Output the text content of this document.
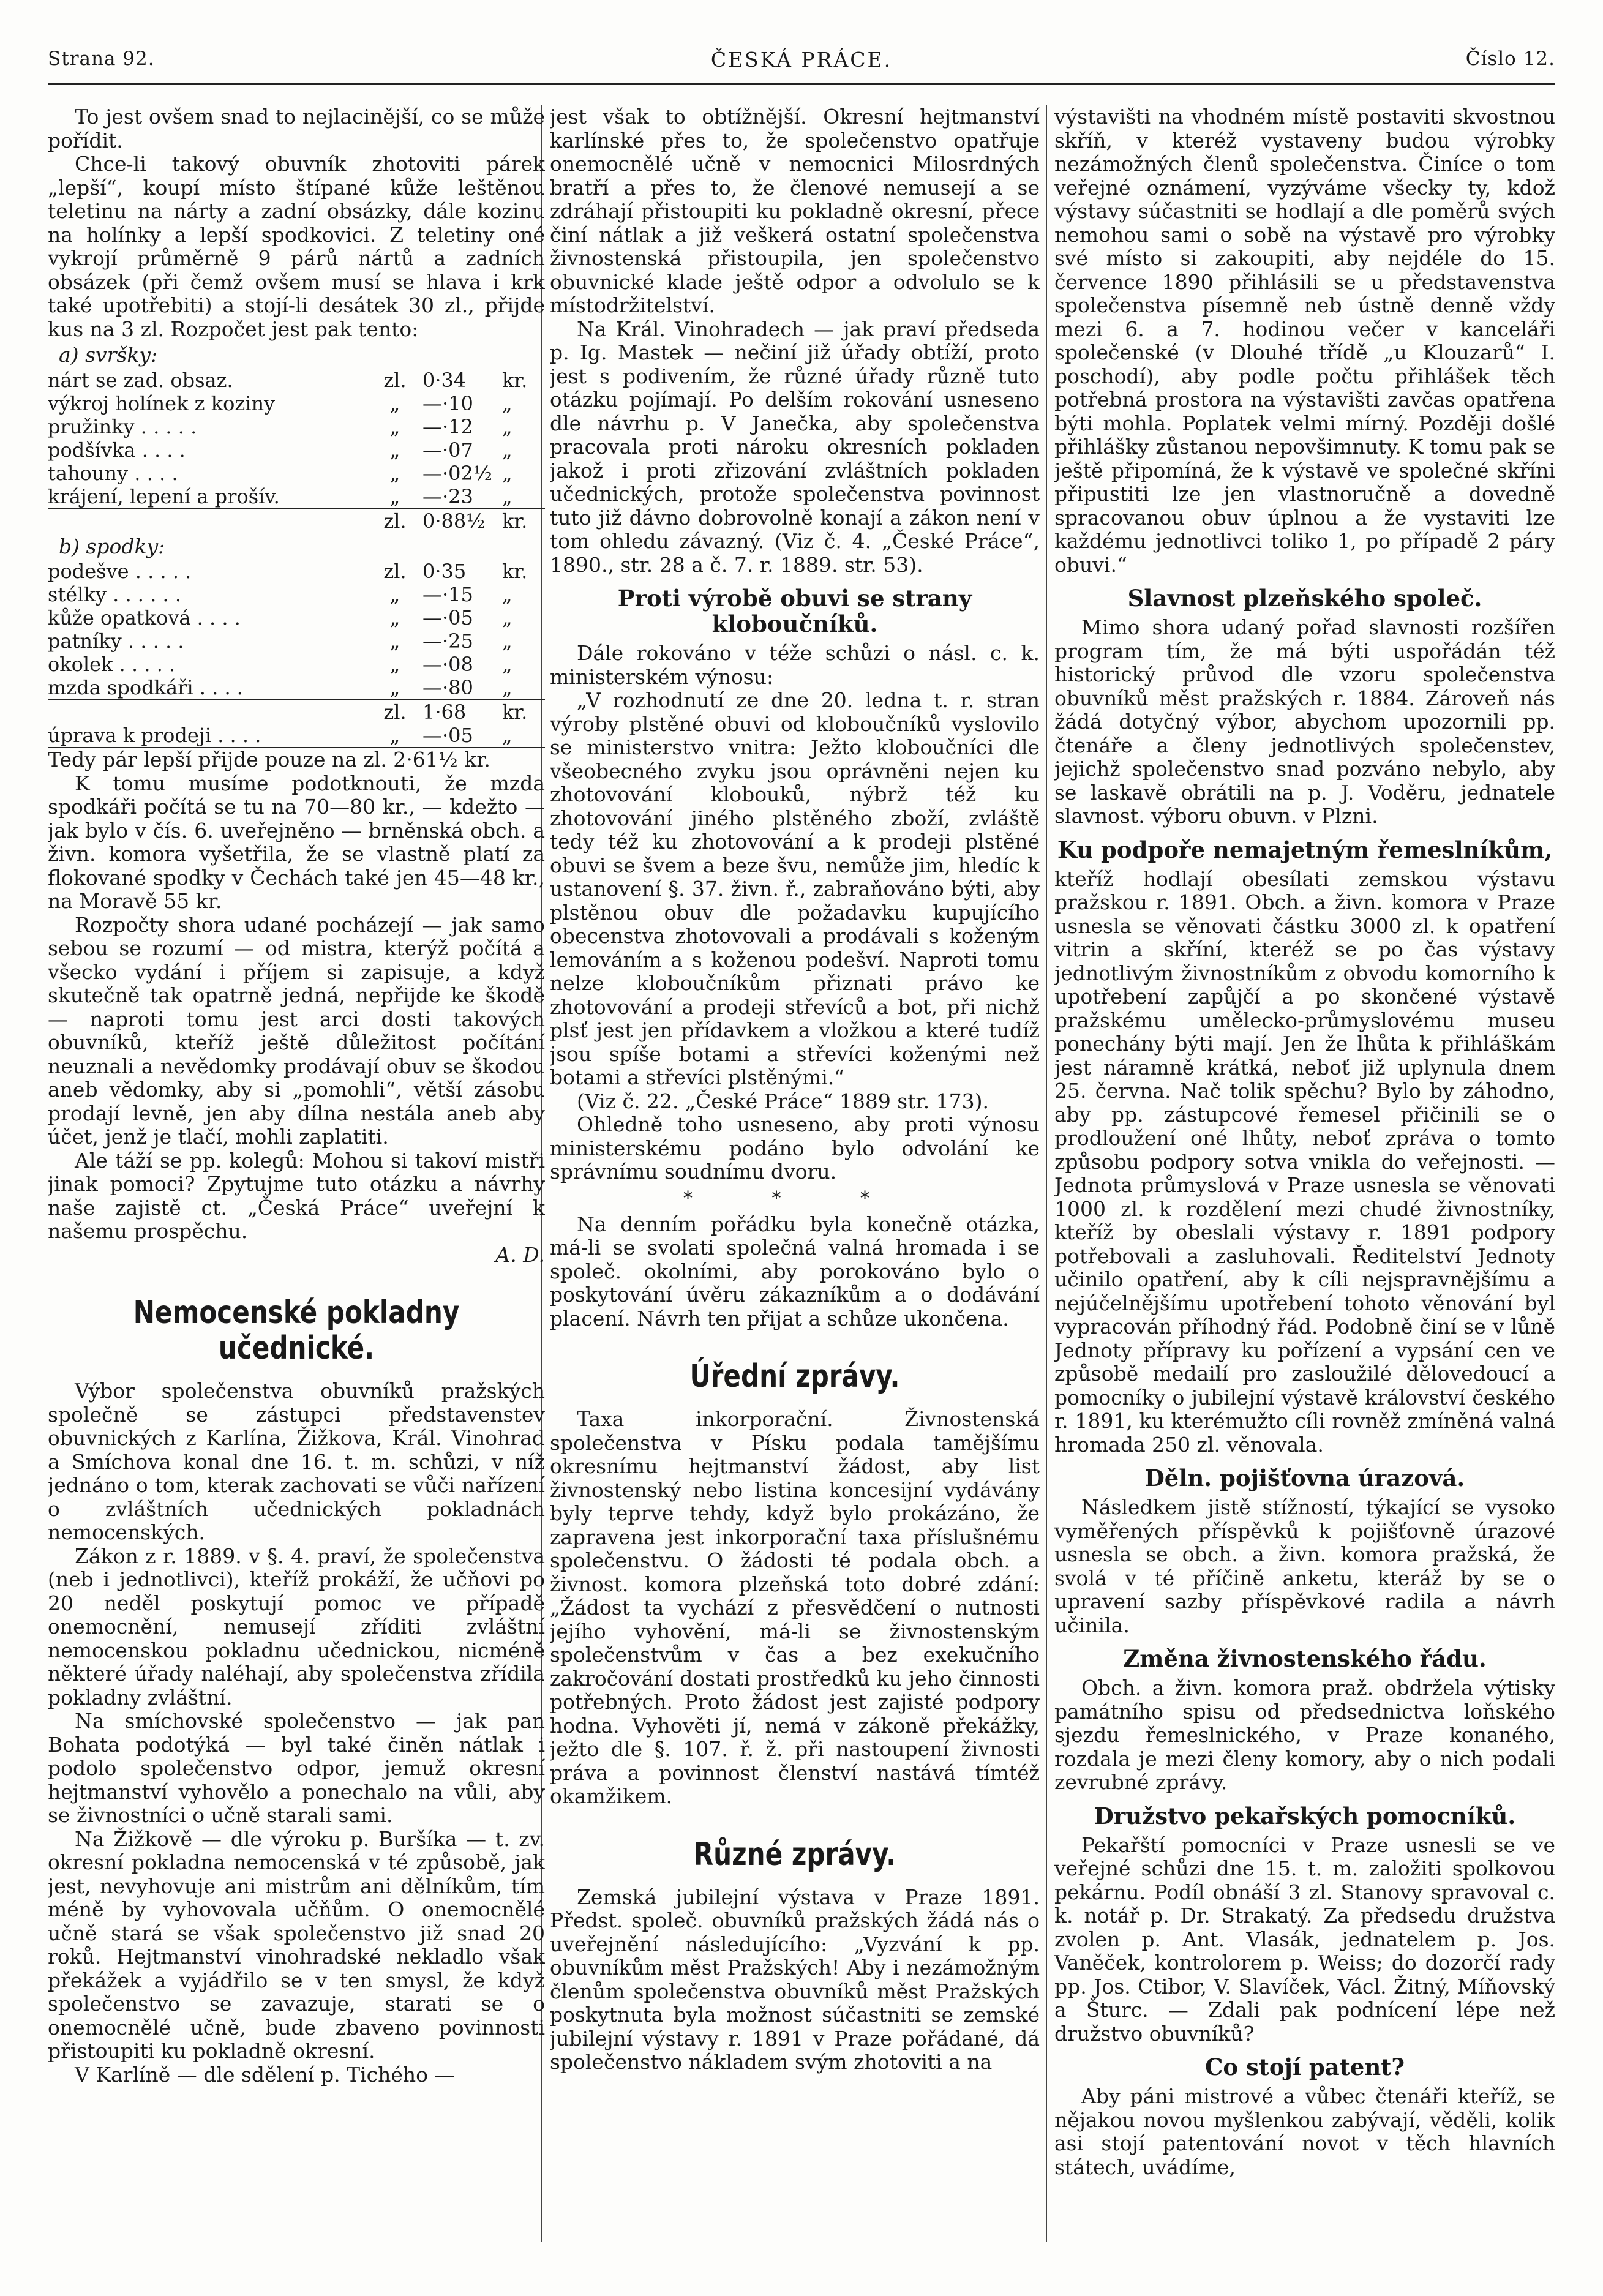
Strana 92.	ČESKÁ PRÁCE.	Číslo 12.

To jest ovšem snad to nejlacinější, co se může pořídit.

Chce-li takový obuvník zhotoviti párek „lepší“, koupí místo štípané kůže leštěnou teletinu na nárty a zadní obsázky, dále kozinu na holínky a lepší spodkovici. Z teletiny oné vykrojí průměrně 9 párů nártů a zadních obsázek (při čemž ovšem musí se hlava i krk také upotřebiti) a stojí-li desátek 30 zl., přijde kus na 3 zl. Rozpočet jest pak tento:

a) svršky:
nárt se zad. obsaz.	zl.	0·34	kr.
výkroj holínek z koziny	„	—·10	„
pružinky . . . . .	„	—·12	„
podšívka . . . .	„	—·07	„
tahouny . . . .	„	—·02½	„
krájení, lepení a prošív.	„	—·23	„
	zl.	0·88½	kr.
b) spodky:
podešve . . . . .	zl.	0·35	kr.
stélky . . . . . .	„	—·15	„
kůže opatková . . . .	„	—·05	„
patníky . . . . .	„	—·25	„
okolek . . . . .	„	—·08	„
mzda spodkáři . . . .	„	—·80	„
	zl.	1·68	kr.
úprava k prodeji . . . .	„	—·05	„

Tedy pár lepší přijde pouze na zl. 2·61½ kr.

K tomu musíme podotknouti, že mzda spodkáři počítá se tu na 70—80 kr., — kdežto — jak bylo v čís. 6. uveřejněno — brněnská obch. a živn. komora vyšetřila, že se vlastně platí za flokované spodky v Čechách také jen 45—48 kr., na Moravě 55 kr.

Rozpočty shora udané pocházejí — jak samo sebou se rozumí — od mistra, kterýž počítá a všecko vydání i příjem si zapisuje, a když skutečně tak opatrně jedná, nepřijde ke škodě — naproti tomu jest arci dosti takových obuvníků, kteříž ještě důležitost počítání neuznali a nevědomky prodávají obuv se škodou aneb vědomky, aby si „pomohli“, větší zásobu prodají levně, jen aby dílna nestála aneb aby účet, jenž je tlačí, mohli zaplatiti.

Ale táží se pp. kolegů: Mohou si takoví mistři jinak pomoci? Zpytujme tuto otázku a návrhy naše zajistě ct. „Česká Práce“ uveřejní k našemu prospěchu.

A. D.

Nemocenské pokladny učednické.

Výbor společenstva obuvníků pražských společně se zástupci představenstev obuvnických z Karlína, Žižkova, Král. Vinohrad a Smíchova konal dne 16. t. m. schůzi, v níž jednáno o tom, kterak zachovati se vůči nařízení o zvláštních učednických pokladnách nemocenských.

Zákon z r. 1889. v §. 4. praví, že společenstva (neb i jednotlivci), kteříž prokáží, že učňovi po 20 neděl poskytují pomoc ve případě onemocnění, nemusejí zříditi zvláštní nemocenskou pokladnu učednickou, nicméně některé úřady naléhají, aby společenstva zřídila pokladny zvláštní.

Na smíchovské společenstvo — jak pan Bohata podotýká — byl také činěn nátlak i podolo společenstvo odpor, jemuž okresní hejtmanství vyhovělo a ponechalo na vůli, aby se živnostníci o učně starali sami.

Na Žižkově — dle výroku p. Buršíka — t. zv. okresní pokladna nemocenská v té způsobě, jak jest, nevyhovuje ani mistrům ani dělníkům, tím méně by vyhovovala učňům. O onemocnělé učně stará se však společenstvo již snad 20 roků. Hejtmanství vinohradské nekladlo však překážek a vyjádřilo se v ten smysl, že když společenstvo se zavazuje, starati se o onemocnělé učně, bude zbaveno povinnosti přistoupiti ku pokladně okresní.

V Karlíně — dle sdělení p. Tichého —

jest však to obtížnější. Okresní hejtmanství karlínské přes to, že společenstvo opatřuje onemocnělé učně v nemocnici Milosrdných bratří a přes to, že členové nemusejí a se zdráhají přistoupiti ku pokladně okresní, přece činí nátlak a již veškerá ostatní společenstva živnostenská přistoupila, jen společenstvo obuvnické klade ještě odpor a odvolulo se k místodržitelství.

Na Král. Vinohradech — jak praví předseda p. Ig. Mastek — nečiní již úřady obtíží, proto jest s podivením, že různé úřady různě tuto otázku pojímají. Po delším rokování usneseno dle návrhu p. V Janečka, aby společenstva pracovala proti nároku okresních pokladen jakož i proti zřizování zvláštních pokladen učednických, protože společenstva povinnost tuto již dávno dobrovolně konají a zákon není v tom ohledu závazný. (Viz č. 4. „České Práce“, 1890., str. 28 a č. 7. r. 1889. str. 53).

Proti výrobě obuvi se strany kloboučníků.

Dále rokováno v téže schůzi o násl. c. k. ministerském výnosu:

„V rozhodnutí ze dne 20. ledna t. r. stran výroby plstěné obuvi od kloboučníků vyslovilo se ministerstvo vnitra: Ježto kloboučníci dle všeobecného zvyku jsou oprávněni nejen ku zhotovování klobouků, nýbrž též ku zhotovování jiného plstěného zboží, zvláště tedy též ku zhotovování a k prodeji plstěné obuvi se švem a beze švu, nemůže jim, hledíc k ustanovení §. 37. živn. ř., zabraňováno býti, aby plstěnou obuv dle požadavku kupujícího obecenstva zhotovovali a prodávali s koženým lemováním a s koženou podešví. Naproti tomu nelze kloboučníkům přiznati právo ke zhotovování a prodeji střevíců a bot, při nichž plsť jest jen přídavkem a vložkou a které tudíž jsou spíše botami a střevíci koženými než botami a střevíci plstěnými.“

(Viz č. 22. „České Práce“ 1889 str. 173).

Ohledně toho usneseno, aby proti výnosu ministerskému podáno bylo odvolání ke správnímu soudnímu dvoru.

* * *

Na denním pořádku byla konečně otázka, má-li se svolati společná valná hromada i se společ. okolními, aby porokováno bylo o poskytování úvěru zákazníkům a o dodávání placení. Návrh ten přijat a schůze ukončena.

Úřední zprávy.

Taxa inkorporační. Živnostenská společenstva v Písku podala tamějšímu okresnímu hejtmanství žádost, aby list živnostenský nebo listina koncesijní vydávány byly teprve tehdy, když bylo prokázáno, že zapravena jest inkorporační taxa příslušnému společenstvu. O žádosti té podala obch. a živnost. komora plzeňská toto dobré zdání: „Žádost ta vychází z přesvědčení o nutnosti jejího vyhovění, má-li se živnostenským společenstvům v čas a bez exekučního zakročování dostati prostředků ku jeho činnosti potřebných. Proto žádost jest zajisté podpory hodna. Vyhověti jí, nemá v zákoně překážky, ježto dle §. 107. ř. ž. při nastoupení živnosti práva a povinnost členství nastává tímtéž okamžikem.

Různé zprávy.

Zemská jubilejní výstava v Praze 1891. Předst. společ. obuvníků pražských žádá nás o uveřejnění následujícího: „Vyzvání k pp. obuvníkům měst Pražských! Aby i nezámožným členům společenstva obuvníků měst Pražských poskytnuta byla možnost súčastniti se zemské jubilejní výstavy r. 1891 v Praze pořádané, dá společenstvo nákladem svým zhotoviti a na

výstavišti na vhodném místě postaviti skvostnou skříň, v kteréž vystaveny budou výrobky nezámožných členů společenstva. Činíce o tom veřejné oznámení, vyzýváme všecky ty, kdož výstavy súčastniti se hodlají a dle poměrů svých nemohou sami o sobě na výstavě pro výrobky své místo si zakoupiti, aby nejdéle do 15. července 1890 přihlásili se u představenstva společenstva písemně neb ústně denně vždy mezi 6. a 7. hodinou večer v kanceláři společenské (v Dlouhé třídě „u Klouzarů“ I. poschodí), aby podle počtu přihlášek těch potřebná prostora na výstavišti zavčas opatřena býti mohla. Poplatek velmi mírný. Později došlé přihlášky zůstanou nepovšimnuty. K tomu pak se ještě připomíná, že k výstavě ve společné skříni připustiti lze jen vlastnoručně a dovedně spracovanou obuv úplnou a že vystaviti lze každému jednotlivci toliko 1, po případě 2 páry obuvi.“

Slavnost plzeňského společ.

Mimo shora udaný pořad slavnosti rozšířen program tím, že má býti uspořádán též historický průvod dle vzoru společenstva obuvníků měst pražských r. 1884. Zároveň nás žádá dotyčný výbor, abychom upozornili pp. čtenáře a členy jednotlivých společenstev, jejichž společenstvo snad pozváno nebylo, aby se laskavě obrátili na p. J. Voděru, jednatele slavnost. výboru obuvn. v Plzni.

Ku podpoře nemajetným řemeslníkům,

kteříž hodlají obesílati zemskou výstavu pražskou r. 1891. Obch. a živn. komora v Praze usnesla se věnovati částku 3000 zl. k opatření vitrin a skříní, kteréž se po čas výstavy jednotlivým živnostníkům z obvodu komorního k upotřebení zapůjčí a po skončené výstavě pražskému umělecko-průmyslovému museu ponechány býti mají. Jen že lhůta k přihláškám jest náramně krátká, neboť již uplynula dnem 25. června. Nač tolik spěchu? Bylo by záhodno, aby pp. zástupcové řemesel přičinili se o prodloužení oné lhůty, neboť zpráva o tomto způsobu podpory sotva vnikla do veřejnosti. — Jednota průmyslová v Praze usnesla se věnovati 1000 zl. k rozdělení mezi chudé živnostníky, kteříž by obeslali výstavy r. 1891 podpory potřebovali a zasluhovali. Ředitelství Jednoty učinilo opatření, aby k cíli nejspravnějšímu a nejúčelnějšímu upotřebení tohoto věnování byl vypracován příhodný řád. Podobně činí se v lůně Jednoty přípravy ku pořízení a vypsání cen ve způsobě medailí pro zasloužilé dělovedoucí a pomocníky o jubilejní výstavě království českého r. 1891, ku kterémužto cíli rovněž zmíněná valná hromada 250 zl. věnovala.

Děln. pojišťovna úrazová.

Následkem jistě stížností, týkající se vysoko vyměřených příspěvků k pojišťovně úrazové usnesla se obch. a živn. komora pražská, že svolá v té příčině anketu, kteráž by se o upravení sazby příspěvkové radila a návrh učinila.

Změna živnostenského řádu.

Obch. a živn. komora praž. obdržela výtisky památního spisu od předsednictva loňského sjezdu řemeslnického, v Praze konaného, rozdala je mezi členy komory, aby o nich podali zevrubné zprávy.

Družstvo pekařských pomocníků.

Pekařští pomocníci v Praze usnesli se ve veřejné schůzi dne 15. t. m. založiti spolkovou pekárnu. Podíl obnáší 3 zl. Stanovy spravoval c. k. notář p. Dr. Strakatý. Za předsedu družstva zvolen p. Ant. Vlasák, jednatelem p. Jos. Vaněček, kontrolorem p. Weiss; do dozorčí rady pp. Jos. Ctibor, V. Slavíček, Václ. Žitný, Míňovský a Šturc. — Zdali pak podnícení lépe než družstvo obuvníků?

Co stojí patent?

Aby páni mistrové a vůbec čtenáři kteříž, se nějakou novou myšlenkou zabývají, věděli, kolik asi stojí patentování novot v těch hlavních státech, uvádíme,
